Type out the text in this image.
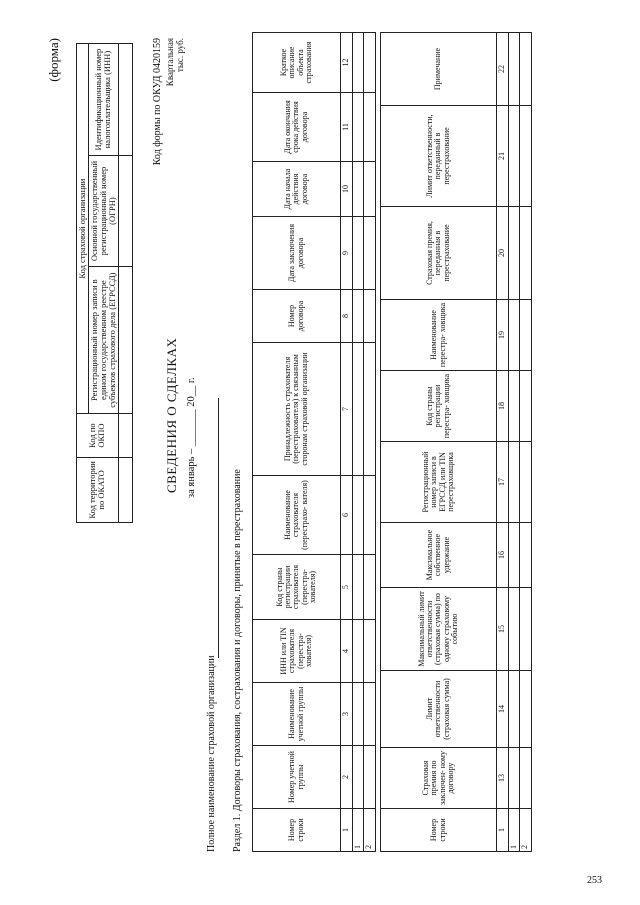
(форма)
Код территории по ОКАТО	Код по ОКПО	Код страховой организации		
		Регистрационный номер записи в едином государственном реестре субъектов страхового дела (ЕГРССД)	Основной государственный регистрационный номер (ОГРН)	Идентификационный номер налогоплательщика (ИНН)

СВЕДЕНИЯ О СДЕЛКАХ за январь – _______ 20__ г.
Код формы по ОКУД 0420159 Квартальная тыс. руб.
Полное наименование страховой организации Раздел 1. Договоры страхования, сострахования и договоры, принятые в перестрахование	Номер строки	Номер учетной группы	Наименование учетной группы	ИНН или TIN страхователя (перестра- хователя)	Код страны регистрации страхователя (перестра- хователя)	Наименование страхователя (перестрахо- вателя)	Принадлежность страхователя (перестрахователя) к связанным сторонам страховой организации	Номер договора	Дата заключения договора	Дата начала действия договора	Дата окончания срока действия договора	Краткое описание объекта страхования
1	2	3	4	5	6	7	8	9	10	11	12
1											
2											
Номер строки	Страховая премия по заключен- ному договору	Лимит ответственности (страховая сумма)	Максимальный лимит ответственности (страховая сумма) по одному страховому событию	Максимальное собственное удержание	Регистрационный номер записи в ЕГРССД или TIN перестраховщика	Код страны регистрации перестра- ховщика	Наименование перестра- ховщика	Страховая премия, переданная в перестрахование	Лимит ответственности, переданный в перестрахование	Примечание
1	13	14	15	16	17	18	19	20	21	22
1										
2										
253
